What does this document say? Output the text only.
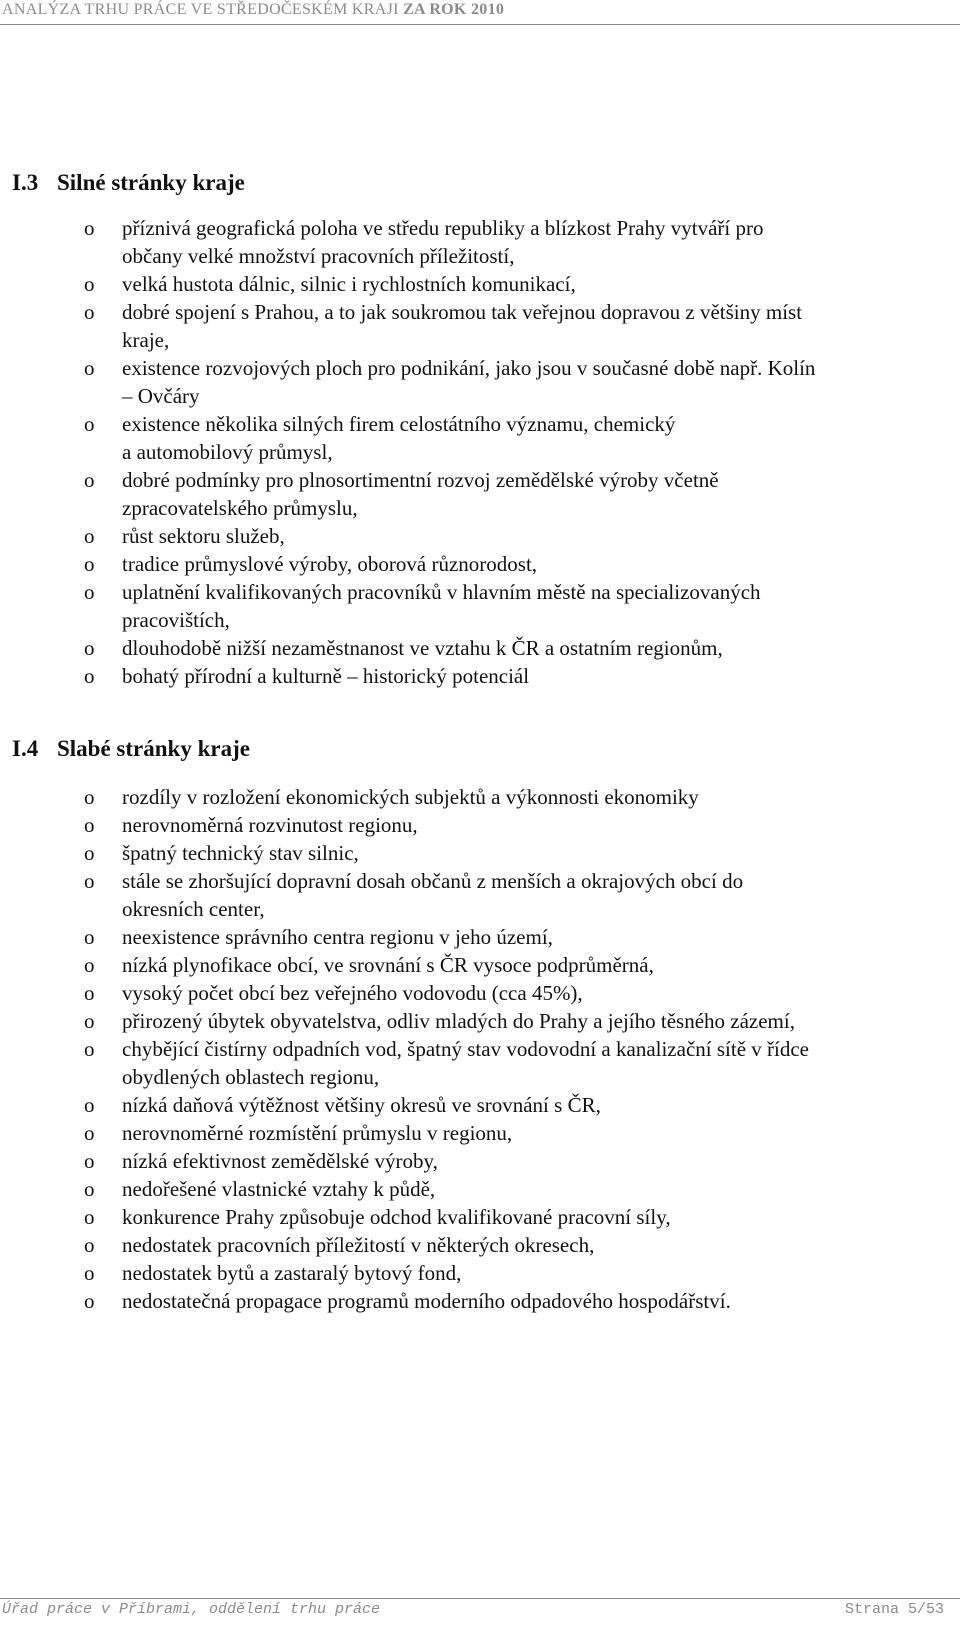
ANALÝZA TRHU PRÁCE VE STŘEDOČESKÉM KRAJI ZA ROK 2010
I.3 Silné stránky kraje
o příznivá geografická poloha ve středu republiky a blízkost Prahy vytváří pro
občany velké množství pracovních příležitostí,
o velká hustota dálnic, silnic i rychlostních komunikací,
o dobré spojení s Prahou, a to jak soukromou tak veřejnou dopravou z většiny míst
kraje,
o existence rozvojových ploch pro podnikání, jako jsou v současné době např. Kolín
– Ovčáry
o existence několika silných firem celostátního významu, chemický
a automobilový průmysl,
o dobré podmínky pro plnosortimentní rozvoj zemědělské výroby včetně
zpracovatelského průmyslu,
o růst sektoru služeb,
o tradice průmyslové výroby, oborová různorodost,
o uplatnění kvalifikovaných pracovníků v hlavním městě na specializovaných
pracovištích,
o dlouhodobě nižší nezaměstnanost ve vztahu k ČR a ostatním regionům,
o bohatý přírodní a kulturně – historický potenciál
I.4 Slabé stránky kraje
o rozdíly v rozložení ekonomických subjektů a výkonnosti ekonomiky
o nerovnoměrná rozvinutost regionu,
o špatný technický stav silnic,
o stále se zhoršující dopravní dosah občanů z menších a okrajových obcí do
okresních center,
o neexistence správního centra regionu v jeho území,
o nízká plynofikace obcí, ve srovnání s ČR vysoce podprůměrná,
o vysoký počet obcí bez veřejného vodovodu (cca 45%),
o přirozený úbytek obyvatelstva, odliv mladých do Prahy a jejího těsného zázemí,
o chybějící čistírny odpadních vod, špatný stav vodovodní a kanalizační sítě v řídce
obydlených oblastech regionu,
o nízká daňová výtěžnost většiny okresů ve srovnání s ČR,
o nerovnoměrné rozmístění průmyslu v regionu,
o nízká efektivnost zemědělské výroby,
o nedořešené vlastnické vztahy k půdě,
o konkurence Prahy způsobuje odchod kvalifikované pracovní síly,
o nedostatek pracovních příležitostí v některých okresech,
o nedostatek bytů a zastaralý bytový fond,
o nedostatečná propagace programů moderního odpadového hospodářství.
Úřad práce v Příbrami, oddělení trhu práce	Strana 5/53
